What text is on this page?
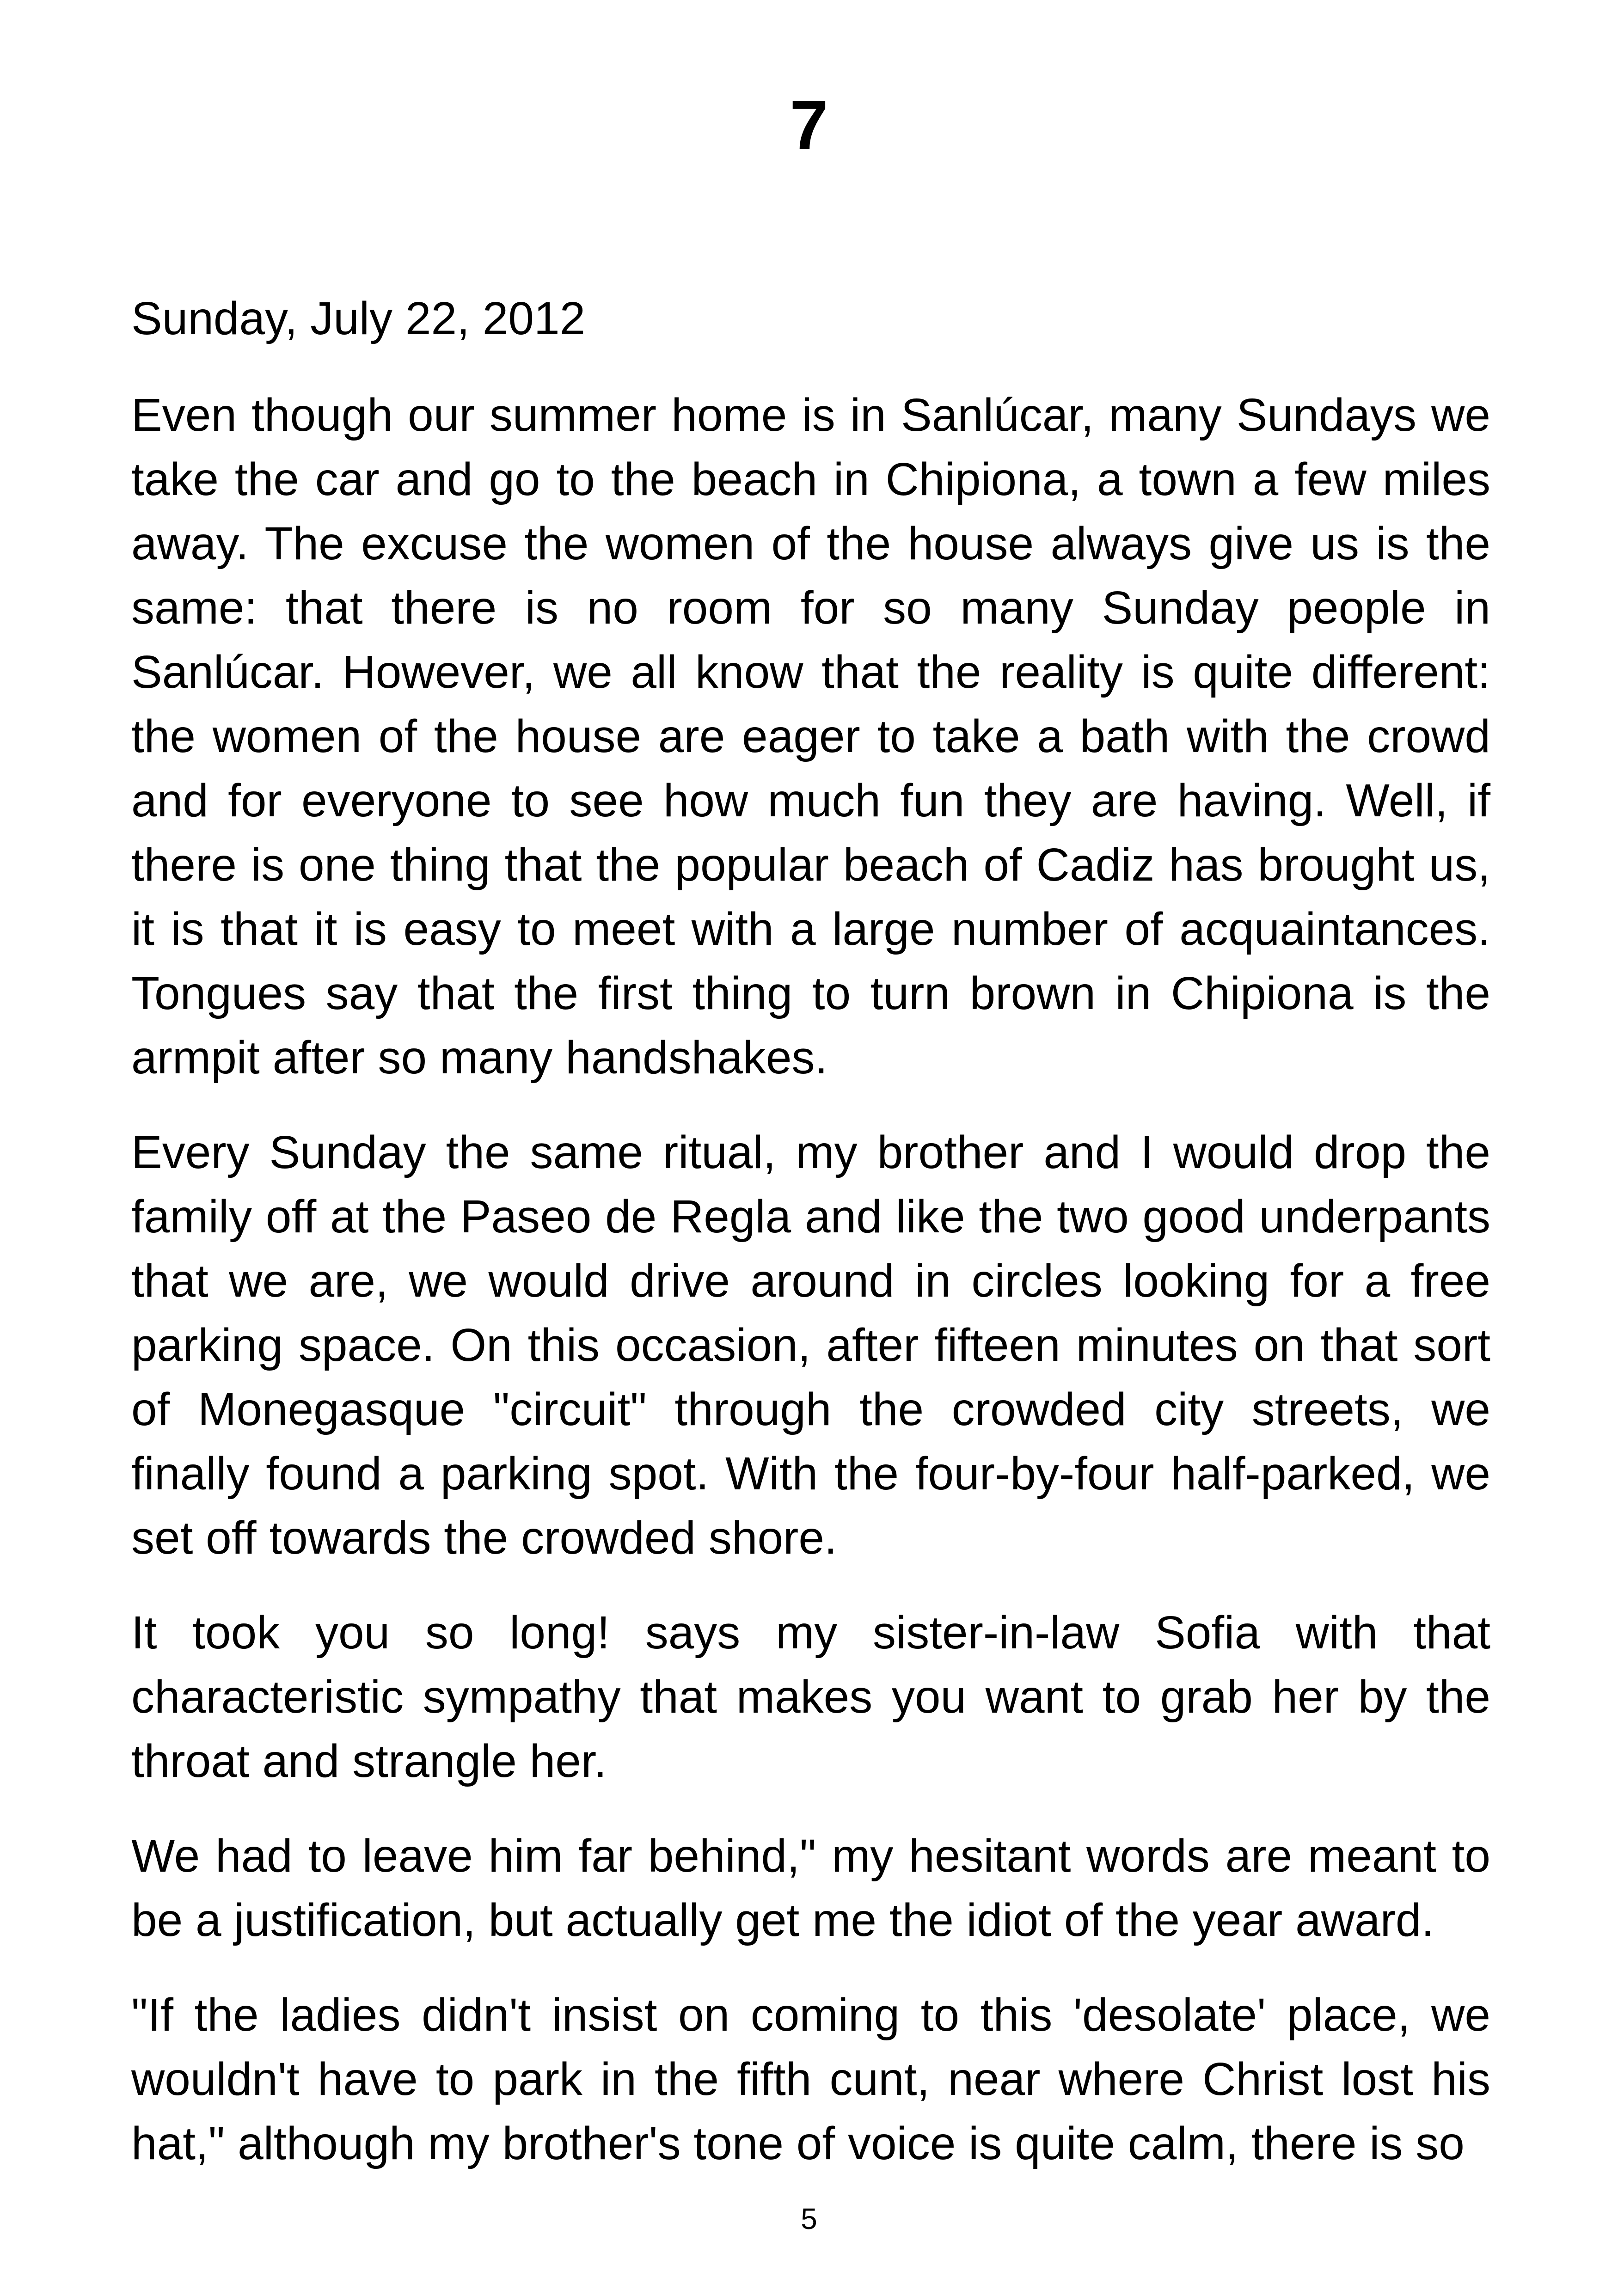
7

Sunday, July 22, 2012

Even though our summer home is in Sanlúcar, many Sundays we take the car and go to the beach in Chipiona, a town a few miles away. The excuse the women of the house always give us is the same: that there is no room for so many Sunday people in Sanlúcar. However, we all know that the reality is quite different: the women of the house are eager to take a bath with the crowd and for everyone to see how much fun they are having. Well, if there is one thing that the popular beach of Cadiz has brought us, it is that it is easy to meet with a large number of acquaintances. Tongues say that the first thing to turn brown in Chipiona is the armpit after so many handshakes.

Every Sunday the same ritual, my brother and I would drop the family off at the Paseo de Regla and like the two good underpants that we are, we would drive around in circles looking for a free parking space. On this occasion, after fifteen minutes on that sort of Monegasque "circuit" through the crowded city streets, we finally found a parking spot. With the four-by-four half-parked, we set off towards the crowded shore.

It took you so long! says my sister-in-law Sofia with that characteristic sympathy that makes you want to grab her by the throat and strangle her.

We had to leave him far behind," my hesitant words are meant to be a justification, but actually get me the idiot of the year award.

"If the ladies didn't insist on coming to this 'desolate' place, we wouldn't have to park in the fifth cunt, near where Christ lost his hat," although my brother's tone of voice is quite calm, there is so

5
